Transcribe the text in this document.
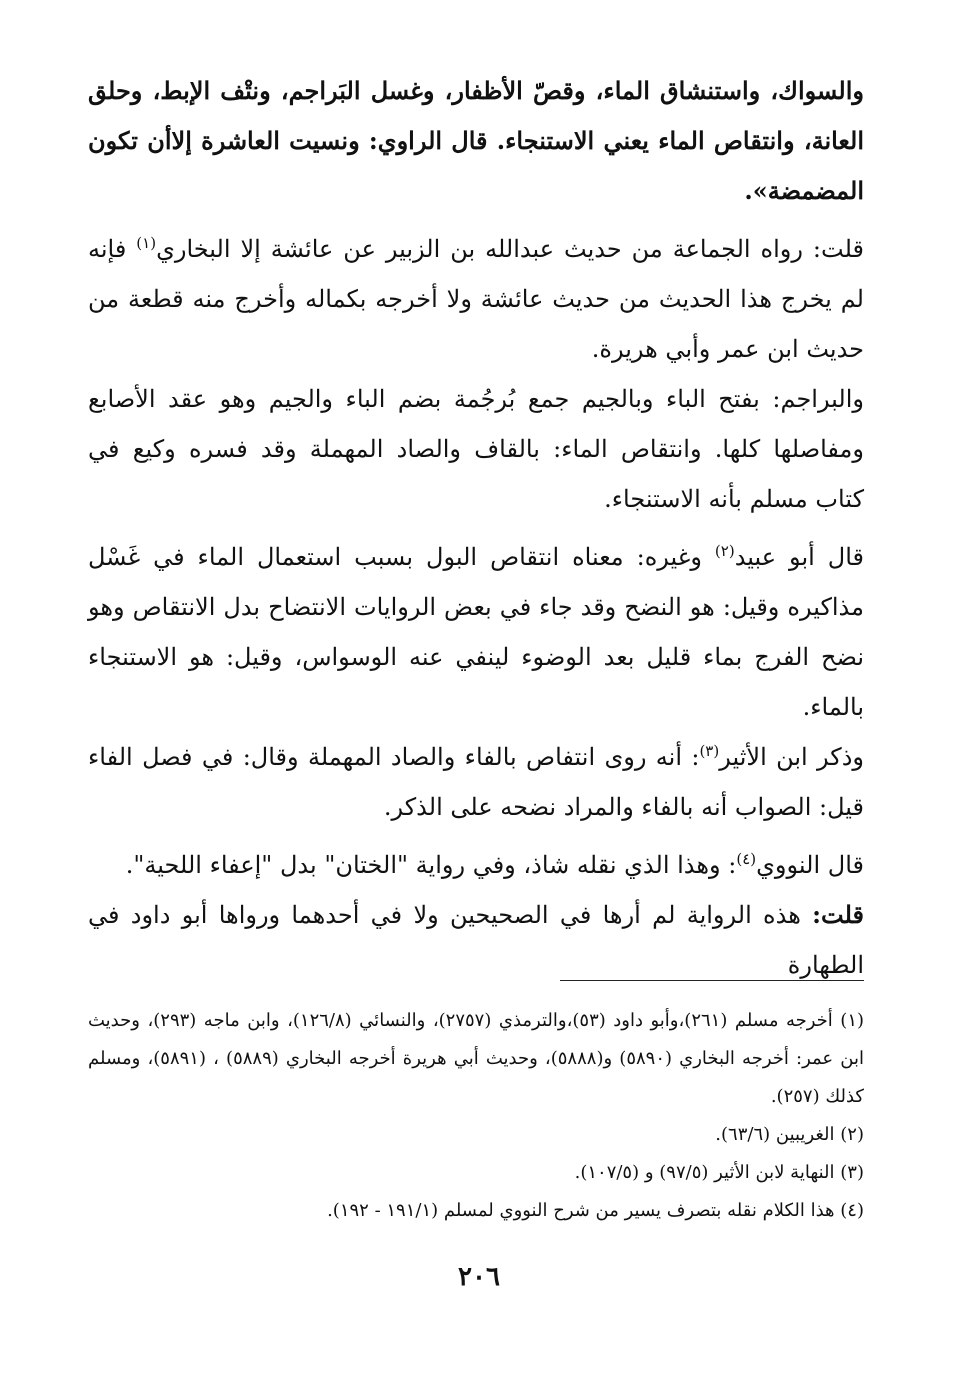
والسواك، واستنشاق الماء، وقصّ الأظفار، وغسل البَراجم، ونتْف الإبط، وحلق العانة، وانتقاص الماء يعني الاستنجاء. قال الراوي: ونسيت العاشرة إلاأن تكون المضمضة».

قلت: رواه الجماعة من حديث عبدالله بن الزبير عن عائشة إلا البخاري$^{(١)}$ فإنه لم يخرج هذا الحديث من حديث عائشة ولا أخرجه بكماله وأخرج منه قطعة من حديث ابن عمر وأبي هريرة.

والبراجم: بفتح الباء وبالجيم جمع بُرجُمة بضم الباء والجيم وهو عقد الأصابع ومفاصلها كلها. وانتقاص الماء: بالقاف والصاد المهملة وقد فسره وكيع في كتاب مسلم بأنه الاستنجاء.

قال أبو عبيد$^{(٢)}$ وغيره: معناه انتقاص البول بسبب استعمال الماء في غَسْل مذاكيره وقيل: هو النضح وقد جاء في بعض الروايات الانتضاح بدل الانتقاص وهو نضح الفرج بماء قليل بعد الوضوء لينفي عنه الوسواس، وقيل: هو الاستنجاء بالماء.

وذكر ابن الأثير$^{(٣)}$: أنه روى انتفاص بالفاء والصاد المهملة وقال: في فصل الفاء قيل: الصواب أنه بالفاء والمراد نضحه على الذكر.

قال النووي$^{(٤)}$: وهذا الذي نقله شاذ، وفي رواية "الختان" بدل "إعفاء اللحية".

قلت: هذه الرواية لم أرها في الصحيحين ولا في أحدهما ورواها أبو داود في الطهارة

(١) أخرجه مسلم (٢٦١)،وأبو داود (٥٣)،والترمذي (٢٧٥٧)، والنسائي (١٢٦/٨)، وابن ماجه (٢٩٣)، وحديث ابن عمر: أخرجه البخاري (٥٨٩٠) و(٥٨٨٨)، وحديث أبي هريرة أخرجه البخاري (٥٨٨٩) ، (٥٨٩١)، ومسلم كذلك (٢٥٧).

(٢) الغريبين (٦٣/٦).

(٣) النهاية لابن الأثير (٩٧/٥) و (١٠٧/٥).

(٤) هذا الكلام نقله بتصرف يسير من شرح النووي لمسلم (١٩١/١ - ١٩٢).

٢٠٦
